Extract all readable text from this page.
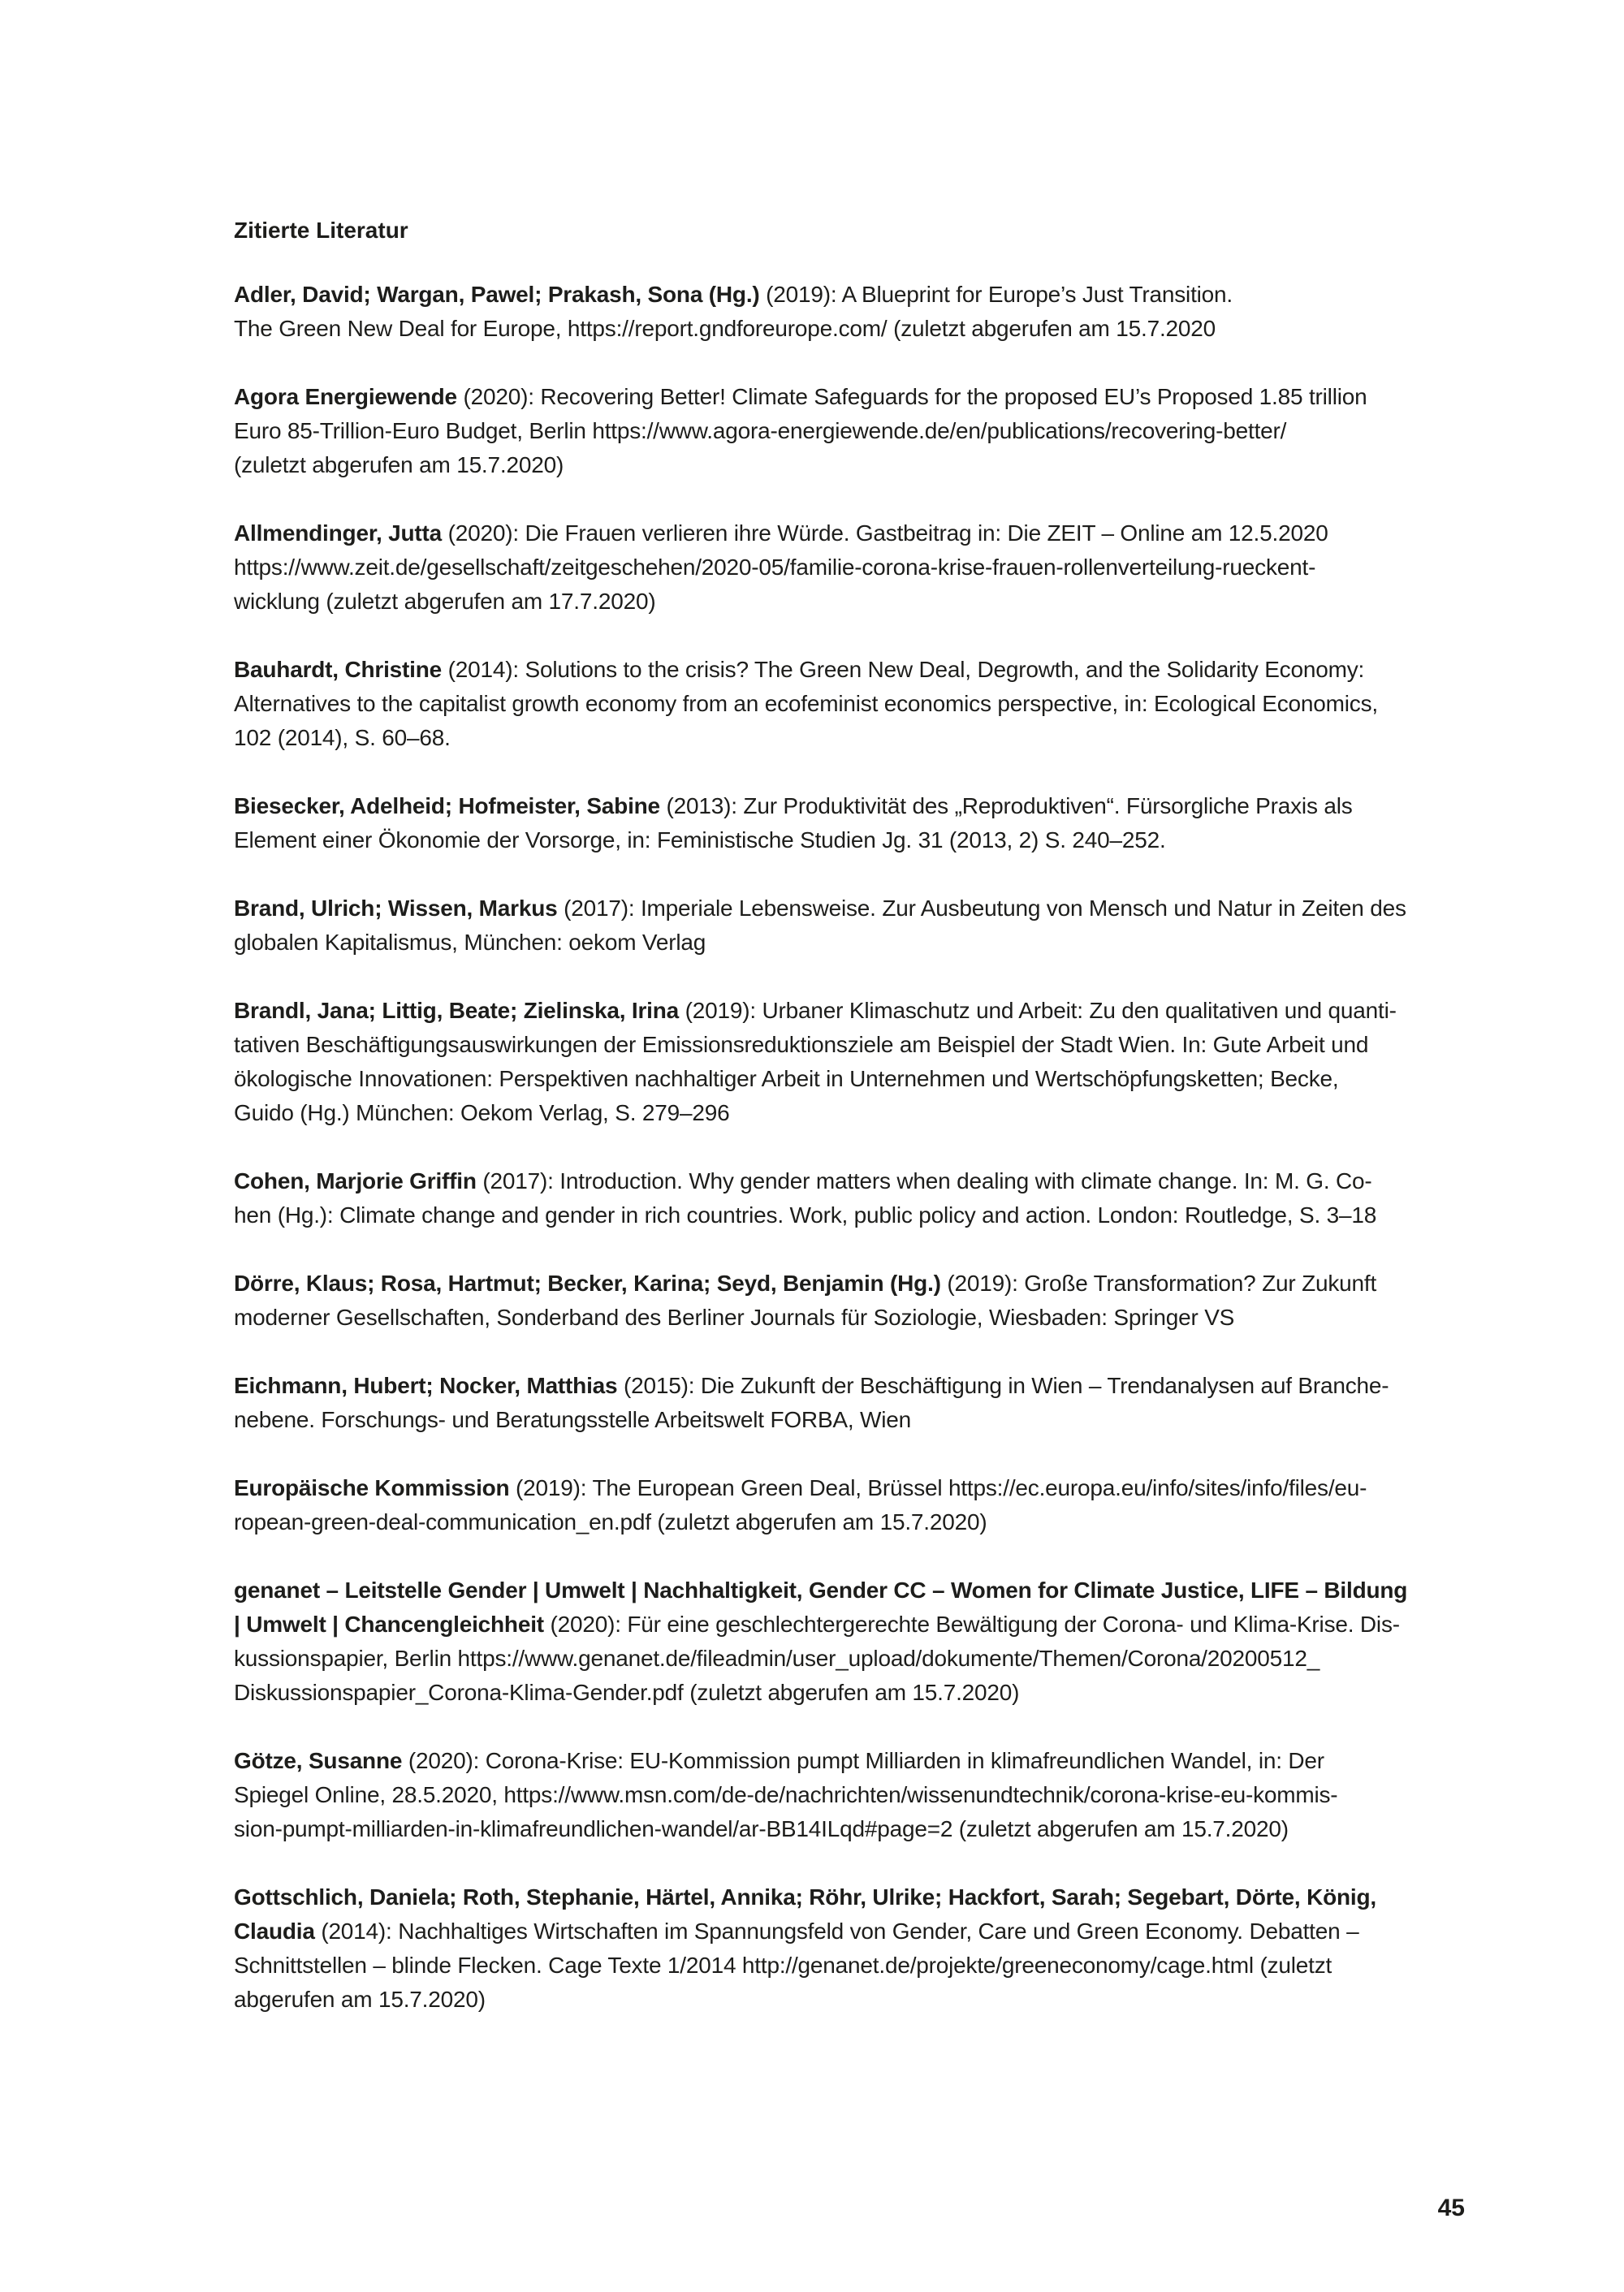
Zitierte Literatur
Adler, David; Wargan, Pawel; Prakash, Sona (Hg.) (2019): A Blueprint for Europe’s Just Transition.
The Green New Deal for Europe, https://report.gndforeurope.com/ (zuletzt abgerufen am 15.7.2020
Agora Energiewende (2020): Recovering Better! Climate Safeguards for the proposed EU’s Proposed 1.85 trillion
Euro 85-Trillion-Euro Budget, Berlin https://www.agora-energiewende.de/en/publications/recovering-better/
(zuletzt abgerufen am 15.7.2020)
Allmendinger, Jutta (2020): Die Frauen verlieren ihre Würde. Gastbeitrag in: Die ZEIT – Online am 12.5.2020
https://www.zeit.de/gesellschaft/zeitgeschehen/2020-05/familie-corona-krise-frauen-rollenverteilung-rueckent-
wicklung (zuletzt abgerufen am 17.7.2020)
Bauhardt, Christine (2014): Solutions to the crisis? The Green New Deal, Degrowth, and the Solidarity Economy:
Alternatives to the capitalist growth economy from an ecofeminist economics perspective, in: Ecological Economics,
102 (2014), S. 60–68.
Biesecker, Adelheid; Hofmeister, Sabine (2013): Zur Produktivität des „Reproduktiven“. Fürsorgliche Praxis als
Element einer Ökonomie der Vorsorge, in: Feministische Studien Jg. 31 (2013, 2) S. 240–252.
Brand, Ulrich; Wissen, Markus (2017): Imperiale Lebensweise. Zur Ausbeutung von Mensch und Natur in Zeiten des
globalen Kapitalismus, München: oekom Verlag
Brandl, Jana; Littig, Beate; Zielinska, Irina (2019): Urbaner Klimaschutz und Arbeit: Zu den qualitativen und quanti-
tativen Beschäftigungsauswirkungen der Emissionsreduktionsziele am Beispiel der Stadt Wien. In: Gute Arbeit und
ökologische Innovationen: Perspektiven nachhaltiger Arbeit in Unternehmen und Wertschöpfungsketten; Becke,
Guido (Hg.) München: Oekom Verlag, S. 279–296
Cohen, Marjorie Griffin (2017): Introduction. Why gender matters when dealing with climate change. In: M. G. Co-
hen (Hg.): Climate change and gender in rich countries. Work, public policy and action. London: Routledge, S. 3–18
Dörre, Klaus; Rosa, Hartmut; Becker, Karina; Seyd, Benjamin (Hg.) (2019): Große Transformation? Zur Zukunft
moderner Gesellschaften, Sonderband des Berliner Journals für Soziologie, Wiesbaden: Springer VS
Eichmann, Hubert; Nocker, Matthias (2015): Die Zukunft der Beschäftigung in Wien – Trendanalysen auf Branche-
nebene. Forschungs- und Beratungsstelle Arbeitswelt FORBA, Wien
Europäische Kommission (2019): The European Green Deal, Brüssel https://ec.europa.eu/info/sites/info/files/eu-
ropean-green-deal-communication_en.pdf (zuletzt abgerufen am 15.7.2020)
genanet – Leitstelle Gender | Umwelt | Nachhaltigkeit, Gender CC – Women for Climate Justice, LIFE – Bildung
| Umwelt | Chancengleichheit (2020): Für eine geschlechtergerechte Bewältigung der Corona- und Klima-Krise. Dis-
kussionspapier, Berlin https://www.genanet.de/fileadmin/user_upload/dokumente/Themen/Corona/20200512_
Diskussionspapier_Corona-Klima-Gender.pdf (zuletzt abgerufen am 15.7.2020)
Götze, Susanne (2020): Corona-Krise: EU-Kommission pumpt Milliarden in klimafreundlichen Wandel, in: Der
Spiegel Online, 28.5.2020, https://www.msn.com/de-de/nachrichten/wissenundtechnik/corona-krise-eu-kommis-
sion-pumpt-milliarden-in-klimafreundlichen-wandel/ar-BB14ILqd#page=2 (zuletzt abgerufen am 15.7.2020)
Gottschlich, Daniela; Roth, Stephanie, Härtel, Annika; Röhr, Ulrike; Hackfort, Sarah; Segebart, Dörte, König,
Claudia (2014): Nachhaltiges Wirtschaften im Spannungsfeld von Gender, Care und Green Economy. Debatten –
Schnittstellen – blinde Flecken. Cage Texte 1/2014 http://genanet.de/projekte/greeneconomy/cage.html (zuletzt
abgerufen am 15.7.2020)
45
